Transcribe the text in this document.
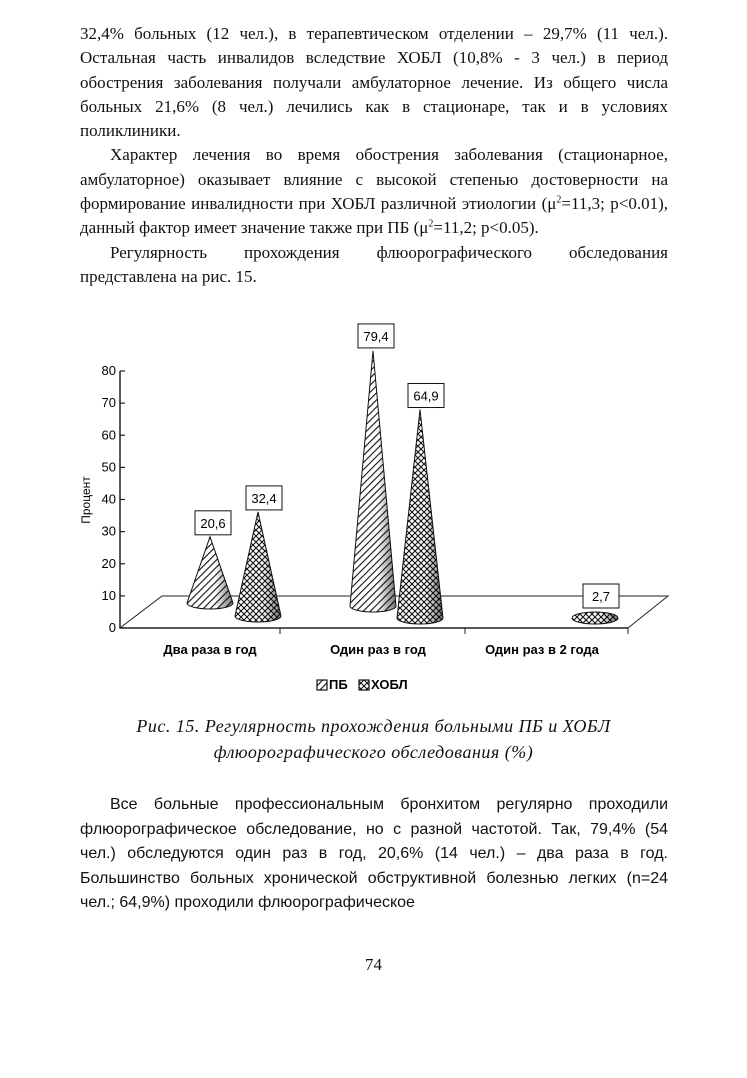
32,4% больных (12 чел.), в терапевтическом отделении – 29,7% (11 чел.). Остальная часть инвалидов вследствие ХОБЛ (10,8% - 3 чел.) в период обострения заболевания получали амбулаторное лечение. Из общего числа больных 21,6% (8 чел.) лечились как в стационаре, так и в условиях поликлиники.

Характер лечения во время обострения заболевания (стационарное, амбулаторное) оказывает влияние с высокой степенью достоверности на формирование инвалидности при ХОБЛ различной этиологии ($\mu^2=11,3$; p<0.01), данный фактор имеет значение также при ПБ ($\mu^2=11,2$; p<0.05).

Регулярность прохождения флюорографического обследования представлена на рис. 15.

0
10
20
30
40
50
60
70
80
Процент
Два раза в год	Один раз в год	Один раз в 2 года
20,6
79,4
32,4
64,9
2,7
ПБ ХОБЛ
Рис. 15. Регулярность прохождения больными ПБ и ХОБЛ
флюорографического обследования (%)
Все больные профессиональным бронхитом регулярно проходили флюорографическое обследование, но с разной частотой. Так, 79,4% (54 чел.) обследуются один раз в год, 20,6% (14 чел.) – два раза в год. Большинство больных хронической обструктивной болезнью легких (n=24 чел.; 64,9%) проходили флюорографическое
74
